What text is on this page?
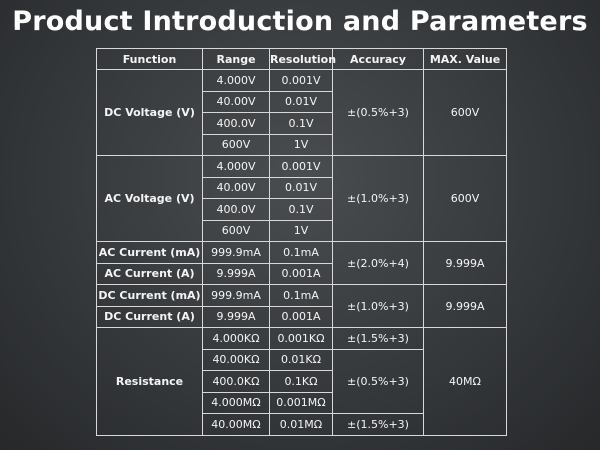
Product Introduction and Parameters
Function	Range	Resolution	Accuracy	MAX. Value
DC Voltage (V)	4.000V	0.001V	±(0.5%+3)	600V
	40.00V	0.01V		
	400.0V	0.1V		
	600V	1V		
AC Voltage (V)	4.000V	0.001V	±(1.0%+3)	600V
	40.00V	0.01V		
	400.0V	0.1V		
	600V	1V		
AC Current (mA)	999.9mA	0.1mA	±(2.0%+4)	9.999A
AC Current (A)	9.999A	0.001A		
DC Current (mA)	999.9mA	0.1mA	±(1.0%+3)	9.999A
DC Current (A)	9.999A	0.001A		
Resistance	4.000KΩ	0.001KΩ	±(1.5%+3)	40MΩ
	40.00KΩ	0.01KΩ	±(0.5%+3)	
	400.0KΩ	0.1KΩ		
	4.000MΩ	0.001MΩ		
	40.00MΩ	0.01MΩ	±(1.5%+3)	
